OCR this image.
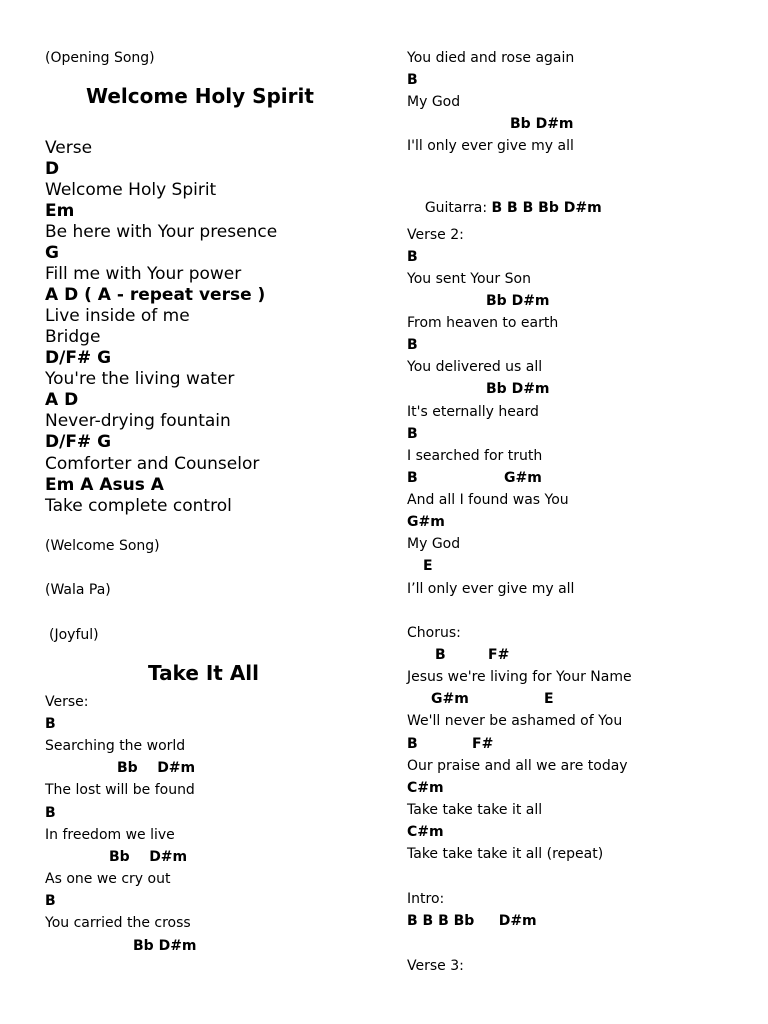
(Opening Song)
Welcome Holy Spirit
Verse
D
Welcome Holy Spirit
Em
Be here with Your presence
G
Fill me with Your power
A D ( A - repeat verse )
Live inside of me
Bridge
D/F# G
You're the living water
A D
Never-drying fountain
D/F# G
Comforter and Counselor
Em A Asus A
Take complete control
(Welcome Song)
(Wala Pa)
(Joyful)
Take It All
Verse:
B
Searching the world
Bb    D#m
The lost will be found
B
In freedom we live
Bb    D#m
As one we cry out
B
You carried the cross
Bb D#m
You died and rose again
B
My God
Bb D#m
I'll only ever give my all

Guitarra: B B B Bb D#m

Verse 2:
B
You sent Your Son
Bb D#m
From heaven to earth
B
You delivered us all
Bb D#m
It's eternally heard
B
I searched for truth
B	G#m
And all I found was You
G#m
My God
E
I’ll only ever give my all
Chorus:
B	F#
Jesus we're living for Your Name
G#m	E
We'll never be ashamed of You
B	F#
Our praise and all we are today
C#m
Take take take it all
C#m
Take take take it all (repeat)
Intro:
B B B Bb     D#m
Verse 3:
